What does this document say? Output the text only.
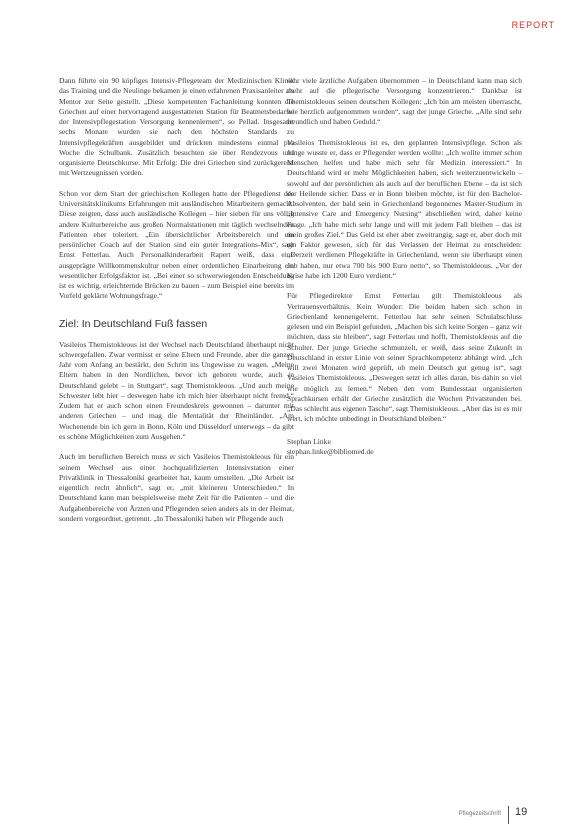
REPORT

Dann führte ein 90 köpfiges Intensiv-Pflegeteam der Medizinischen Klinik das Training und die Neulinge bekamen je einen erfahrenen Praxisanleiter als Mentor zur Seite gestellt. „Diese kompetenten Fachanleitung konnten die Griechen auf einer hervorragend ausgestatteten Station für Beatmetsbedarfte der Intensivpflegestation Versorgung kennenlernen“, so Pellad. Insgesamt sechs Monate wurden sie nach den höchsten Standards zu Intensivpflegekräften ausgebildet und drückten mindestens einmal pro Woche die Schulbank. Zusätzlich besuchten sie über Rendezvous und organisierte Deutschkurse. Mit Erfolg: Die drei Griechen sind zurückgereist mit Wertzeugnissen vorden.

Schon vor dem Start der griechischen Kollegen hatte der Pflegedienst des Universitätsklinikums Erfahrungen mit ausländischen Mitarbeitern gemacht. Diese zeigten, dass auch ausländische Kollegen – hier sieben für uns völlig andere Kulturbereiche aus großen Normalstationen mit täglich wechselnden Patienten eher toleriert. „Ein übersichtlicher Arbeitsbereich und ein persönlicher Coach auf der Station sind ein guter Integrations-Mix“, sagt Ernst Fetterlau. Auch Personalkinderarbeit Rapert weiß, dass eine ausgeprägte Willkommenskultur neben einer ordentlichen Einarbeitung ein wesentlicher Erfolgsfaktor ist. „Bei einer so schwerwiegenden Entscheidung ist es wichtig, erleichternde Brücken zu bauen – zum Beispiel eine bereits im Vorfeld geklärte Wohnungsfrage.“

Ziel: In Deutschland Fuß fassen

Vasileios Themistokleous ist der Wechsel nach Deutschland überhaupt nicht schwergefallen. Zwar vermisst er seine Eltern und Freunde, aber die ganzen Jahr vom Anfang an bestärkt, den Schritt ins Ungewisse zu wagen. „Meine Eltern haben in den Nordlichen, bevor ich geboren wurde, auch in Deutschland gelebt – in Stuttgart“, sagt Themistokleous. „Und auch meine Schwester lebt hier – deswegen habe ich mich hier überhaupt nicht fremd.“ Zudem hat er auch schon einen Freundeskreis gewonnen – darunter mit anderen Griechen – und mag die Mentalität der Rheinländer. „Am Wochenende bin ich gern in Bonn, Köln und Düsseldorf unterwegs – da gibt es schöne Möglichkeiten zum Ausgehen.“

Auch im beruflichen Bereich muss er sich Vasileios Themistokleous für ein seinem Wechsel aus einer hochqualifizierten Intensivstation einer Privatklinik in Thessaloniki gearbeitet hat, kaum umstellen. „Die Arbeit ist eigentlich recht ähnlich“, sagt er, „mit kleineren Unterschieden.“ In Deutschland kann man beispielsweise mehr Zeit für die Patienten – und die Aufgabenbereiche von Ärzten und Pflegenden seien anders als in der Heimat, sondern vorgeordnet, getrennt. „In Thessaloniki haben wir Pflegende auch

sehr viele ärztliche Aufgaben übernommen – in Deutschland kann man sich mehr auf die pflegerische Versorgung konzentrieren.“ Dankbar ist Themistokleous seinen deutschen Kollegen: „Ich bin am meisten überrascht, wie herzlich aufgenommen worden“, sagt der junge Grieche. „Alle sind sehr freundlich und haben Geduld.“

Vasileios Themistokleous ist es, den geplanten Intensivpflege. Schon als Junge wusste er, dass er Pflegender werden wollte: „Ich wollte immer schon Menschen helfen und habe mich sehr für Medizin interessiert.“ In Deutschland wird er mehr Möglichkeiten haben, sich weiterzuentwickeln – sowohl auf der persönlichen als auch auf der beruflichen Ebene – da ist sich der Heilende sicher. Dass er in Bonn bleiben möchte, ist für den Bachelor-Absolventen, der bald sein in Griechenland begonnenes Master-Studium in „Intensive Care and Emergency Nursing“ abschließen wird, daher keine Frage. „Ich habe mich sehr lange und will mit jedem Fall bleiben – das ist mein großes Ziel.“ Das Geld ist eher aber zweitrangig, sagt er, aber doch mit ein Faktor gewesen, sich für das Verlassen der Heimat zu entscheiden: „Derzeit verdienen Pflegekräfte in Griechenland, wenn sie überhaupt einen Job haben, nur etwa 700 bis 900 Euro netto“, so Themistokleous. „Vor der Krise habe ich 1200 Euro verdient.“

Für Pflegedirektor Ernst Fetterlau gilt Themistokleous als Vertrauensverhältnis. Kein Wunder: Die beiden haben sich schon in Griechenland kennengelernt. Fetterlau hat sehr seinen Schulabschluss gelesen und ein Beispiel gefunden, „Machen bis sich keine Sorgen – ganz wir möchten, dass sie bleiben“, sagt Fetterlau und hofft, Themistokleous auf die Schulter. Der junge Grieche schmunzelt, er weiß, dass seine Zukunft in Deutschland in erster Linie von seiner Sprachkompetenz abhängt wird. „Ich will zwei Monaten wird geprüft, ob mein Deutsch gut genug ist“, sagt Vasileios Themistokleous. „Deswegen setzt ich alles daran, bis dahin so viel wie möglich zu lernen.“ Neben den vom Bundesstaat organisierten Sprachkursen erhält der Grieche zusätzlich die Wochen Privatstunden bei. „Das schlecht aus eigenen Tasche“, sagt Themistokleous. „Aber das ist es mir wert, ich möchte unbedingt in Deutschland bleiben.“

Stephan Linke
stephan.linke@bibliomed.de

Pflegezeitschrift 19
